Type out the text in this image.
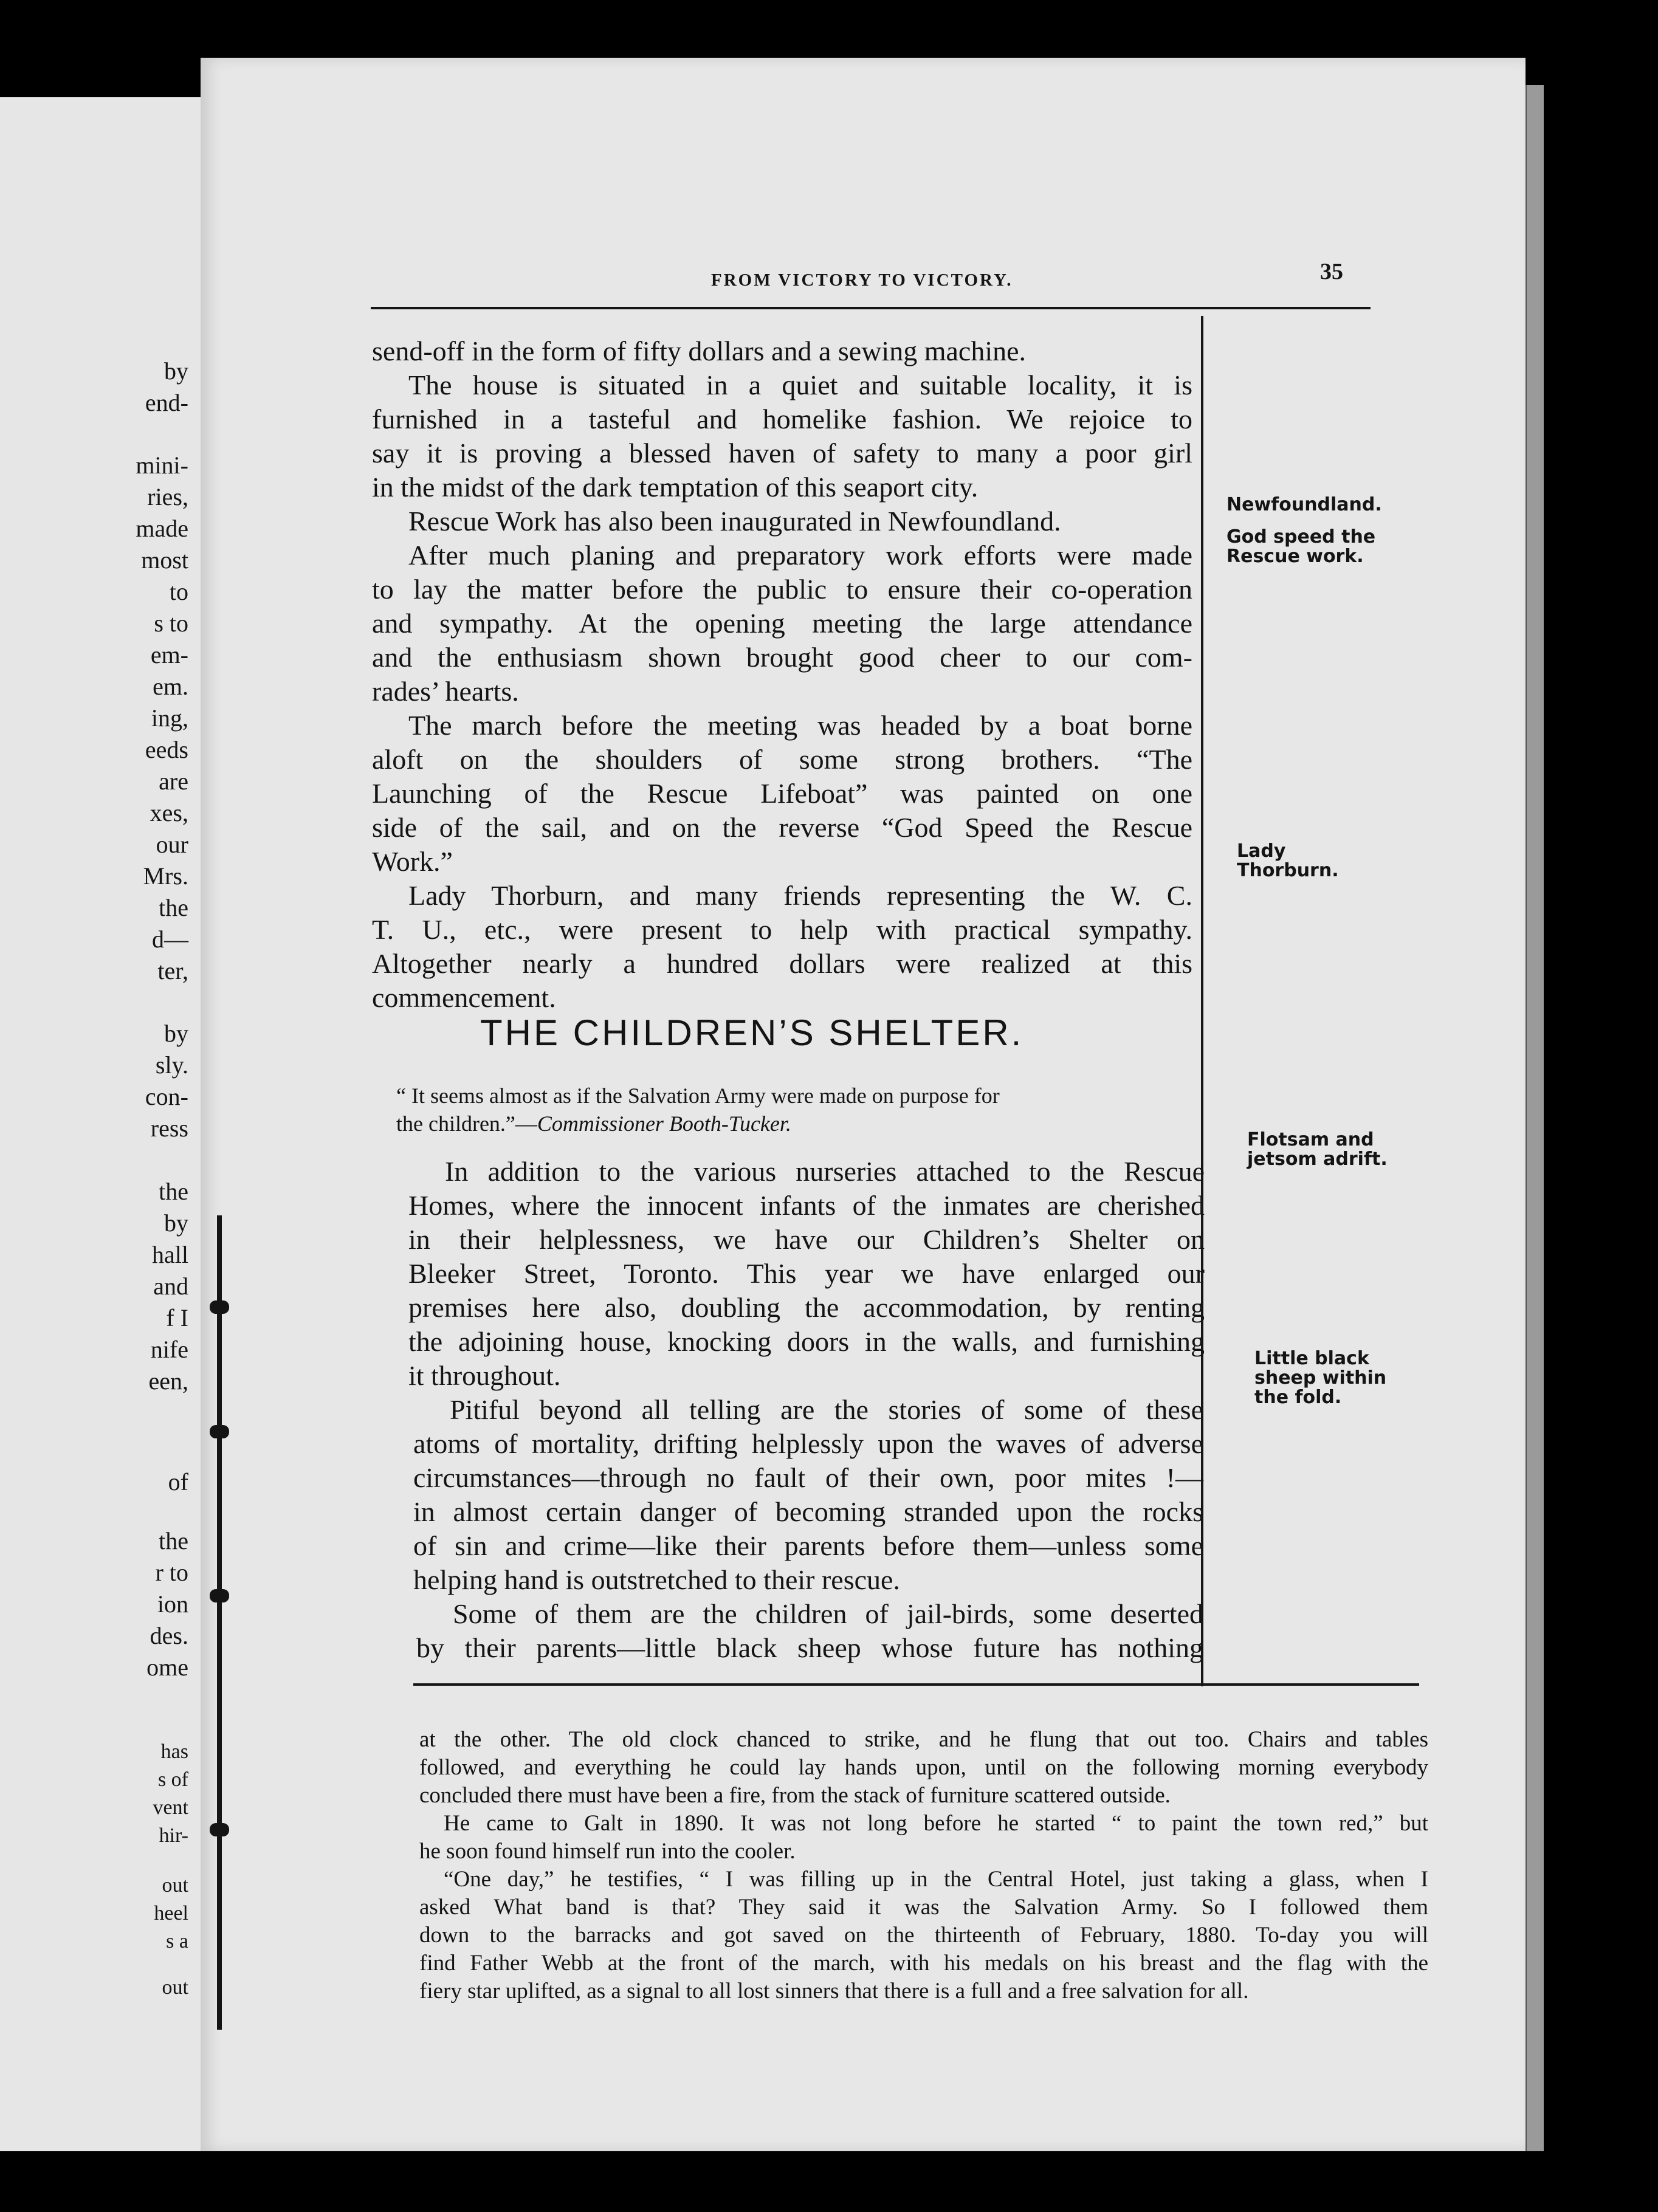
by
end-
mini-
ries,
made
most
to
s to
em-
em.
ing,
eeds
are
xes,
our
Mrs.
the
d—
ter,
by
sly.
con-
ress
the
by
hall
and
f I
nife
een,
of
the
r to
ion
des.
ome
has
s of
vent
hir-
out
heel
s a
out
FROM VICTORY TO VICTORY.	35
send-off in the form of fifty dollars and a sewing machine.
The house is situated in a quiet and suitable locality, it is
furnished in a tasteful and homelike fashion. We rejoice to
say it is proving a blessed haven of safety to many a poor girl
in the midst of the dark temptation of this seaport city.
Rescue Work has also been inaugurated in Newfoundland.
After much planing and preparatory work efforts were made
to lay the matter before the public to ensure their co-operation
and sympathy. At the opening meeting the large attendance
and the enthusiasm shown brought good cheer to our com-
rades’ hearts.
The march before the meeting was headed by a boat borne
aloft on the shoulders of some strong brothers. “The
Launching of the Rescue Lifeboat” was painted on one
side of the sail, and on the reverse “God Speed the Rescue
Work.”
Lady Thorburn, and many friends representing the W. C.
T. U., etc., were present to help with practical sympathy.
Altogether nearly a hundred dollars were realized at this
commencement.
THE CHILDREN’S SHELTER.
“ It seems almost as if the Salvation Army were made on purpose for
the children.”—Commissioner Booth-Tucker.
In addition to the various nurseries attached to the Rescue
Homes, where the innocent infants of the inmates are cherished
in their helplessness, we have our Children’s Shelter on
Bleeker Street, Toronto. This year we have enlarged our
premises here also, doubling the accommodation, by renting
the adjoining house, knocking doors in the walls, and furnishing
it throughout.
Pitiful beyond all telling are the stories of some of these
atoms of mortality, drifting helplessly upon the waves of adverse
circumstances—through no fault of their own, poor mites !—
in almost certain danger of becoming stranded upon the rocks
of sin and crime—like their parents before them—unless some
helping hand is outstretched to their rescue.
Some of them are the children of jail-birds, some deserted
by their parents—little black sheep whose future has nothing
Newfoundland.
God speed the
Rescue work.
Lady
Thorburn.
Flotsam and
jetsom adrift.
Little black
sheep within
the fold.
at the other. The old clock chanced to strike, and he flung that out too. Chairs and tables
followed, and everything he could lay hands upon, until on the following morning everybody
concluded there must have been a fire, from the stack of furniture scattered outside.
He came to Galt in 1890. It was not long before he started “ to paint the town red,” but
he soon found himself run into the cooler.
“One day,” he testifies, “ I was filling up in the Central Hotel, just taking a glass, when I
asked What band is that? They said it was the Salvation Army. So I followed them
down to the barracks and got saved on the thirteenth of February, 1880. To-day you will
find Father Webb at the front of the march, with his medals on his breast and the flag with the
fiery star uplifted, as a signal to all lost sinners that there is a full and a free salvation for all.
